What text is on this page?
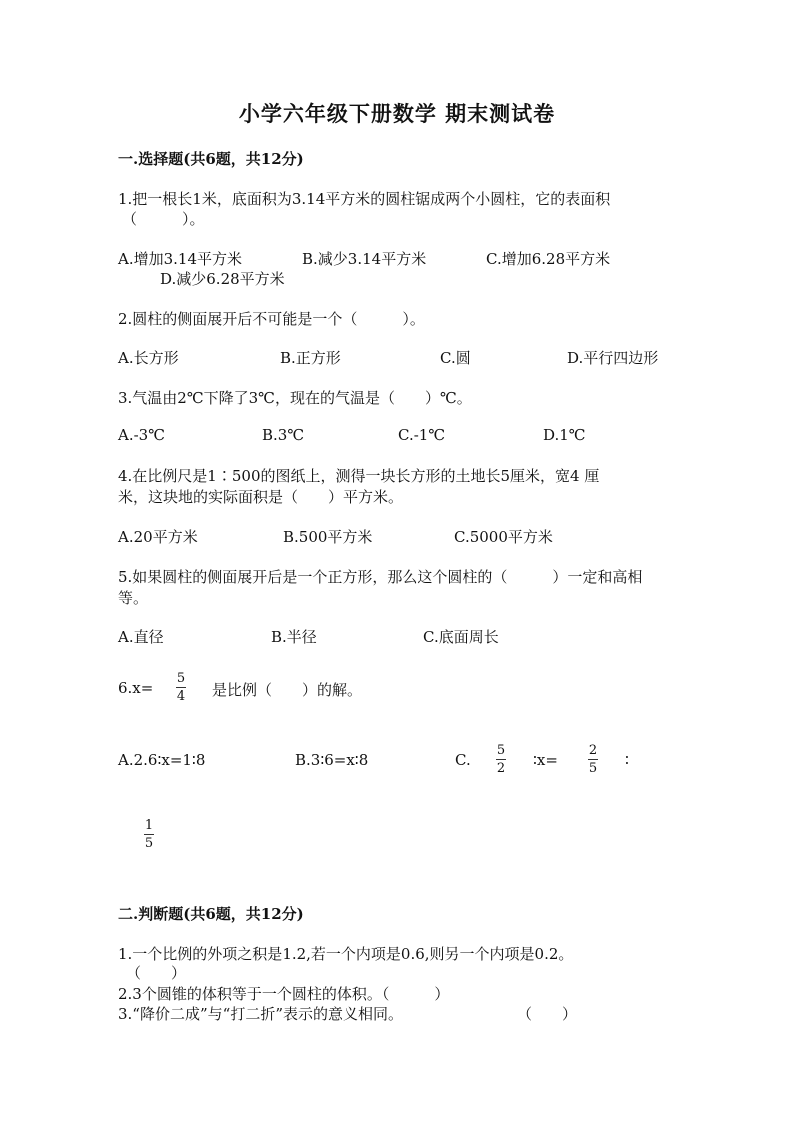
小学六年级下册数学 期末测试卷
一.选择题(共6题，共12分)
1.把一根长1米，底面积为3.14平方米的圆柱锯成两个小圆柱，它的表面积
（　　　）。
A.增加3.14平方米	B.减少3.14平方米	C.增加6.28平方米
D.减少6.28平方米
2.圆柱的侧面展开后不可能是一个（　　　）。
A.长方形	B.正方形	C.圆	D.平行四边形
3.气温由2℃下降了3℃，现在的气温是（　　）℃。
A.-3℃	B.3℃	C.-1℃	D.1℃
4.在比例尺是1∶500的图纸上，测得一块长方形的土地长5厘米，宽4 厘
米，这块地的实际面积是（　　）平方米。
A.20平方米	B.500平方米	C.5000平方米
5.如果圆柱的侧面展开后是一个正方形，那么这个圆柱的（　　　）一定和高相
等。
A.直径	B.半径	C.底面周长
6.x=
5
4 是比例（　　）的解。
A.2.6∶x=1∶8	B.3∶6=x∶8	C.
5
2 ∶x=
2
5 ∶
1
5
二.判断题(共6题，共12分)
1.一个比例的外项之积是1.2,若一个内项是0.6,则另一个内项是0.2。
（　　）
2.3个圆锥的体积等于一个圆柱的体积。（　　　）
3.“降价二成”与“打二折”表示的意义相同。	（　　）
